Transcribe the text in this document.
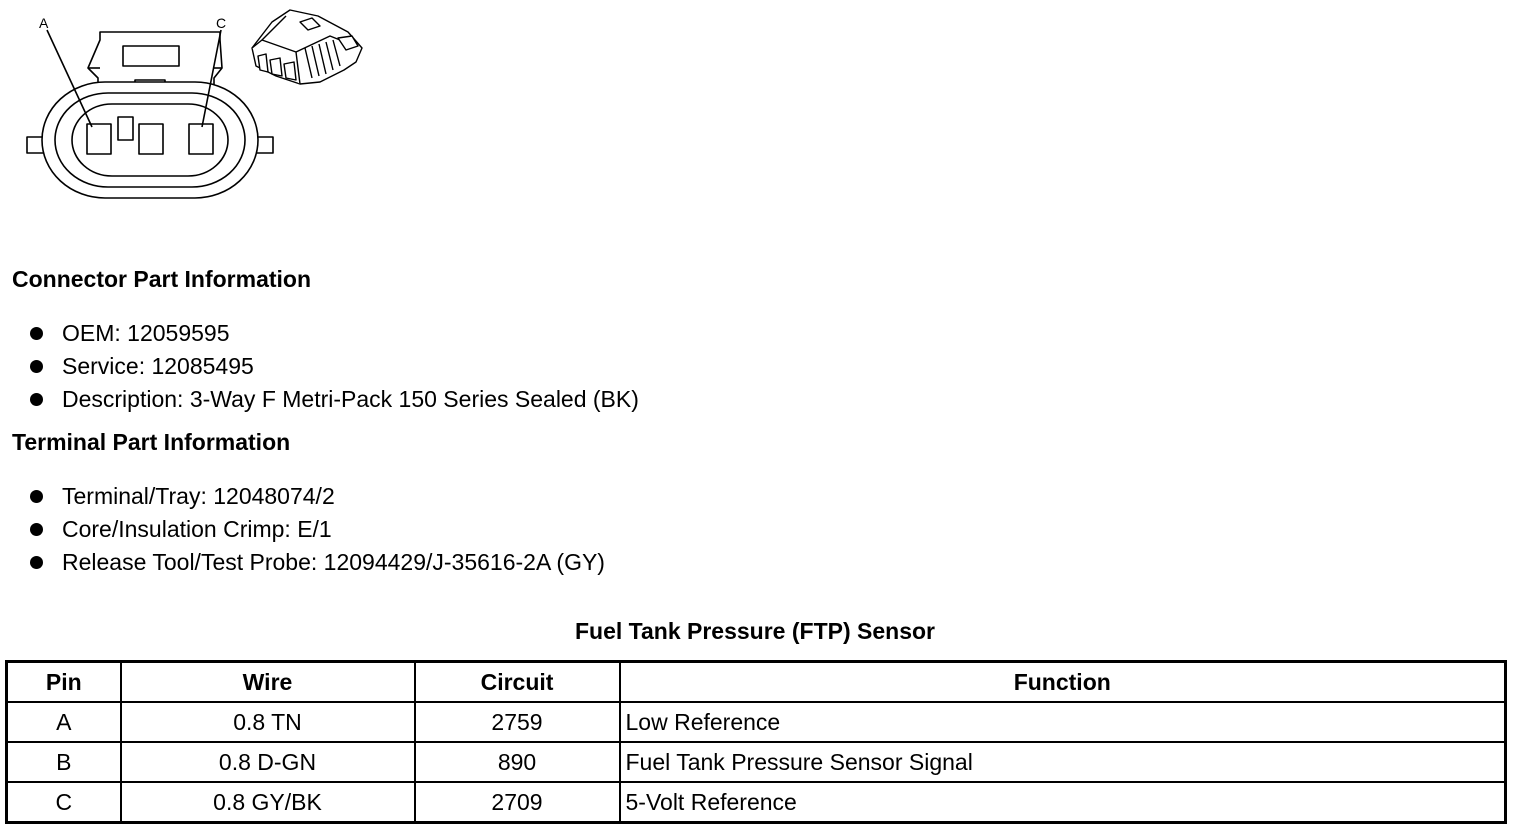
A	C
Connector Part Information
OEM: 12059595
Service: 12085495
Description: 3-Way F Metri-Pack 150 Series Sealed (BK)
Terminal Part Information
Terminal/Tray: 12048074/2
Core/Insulation Crimp: E/1
Release Tool/Test Probe: 12094429/J-35616-2A (GY)
Fuel Tank Pressure (FTP) Sensor
Pin	Wire	Circuit	Function
A	0.8 TN	2759	Low Reference
B	0.8 D-GN	890	Fuel Tank Pressure Sensor Signal
C	0.8 GY/BK	2709	5-Volt Reference
